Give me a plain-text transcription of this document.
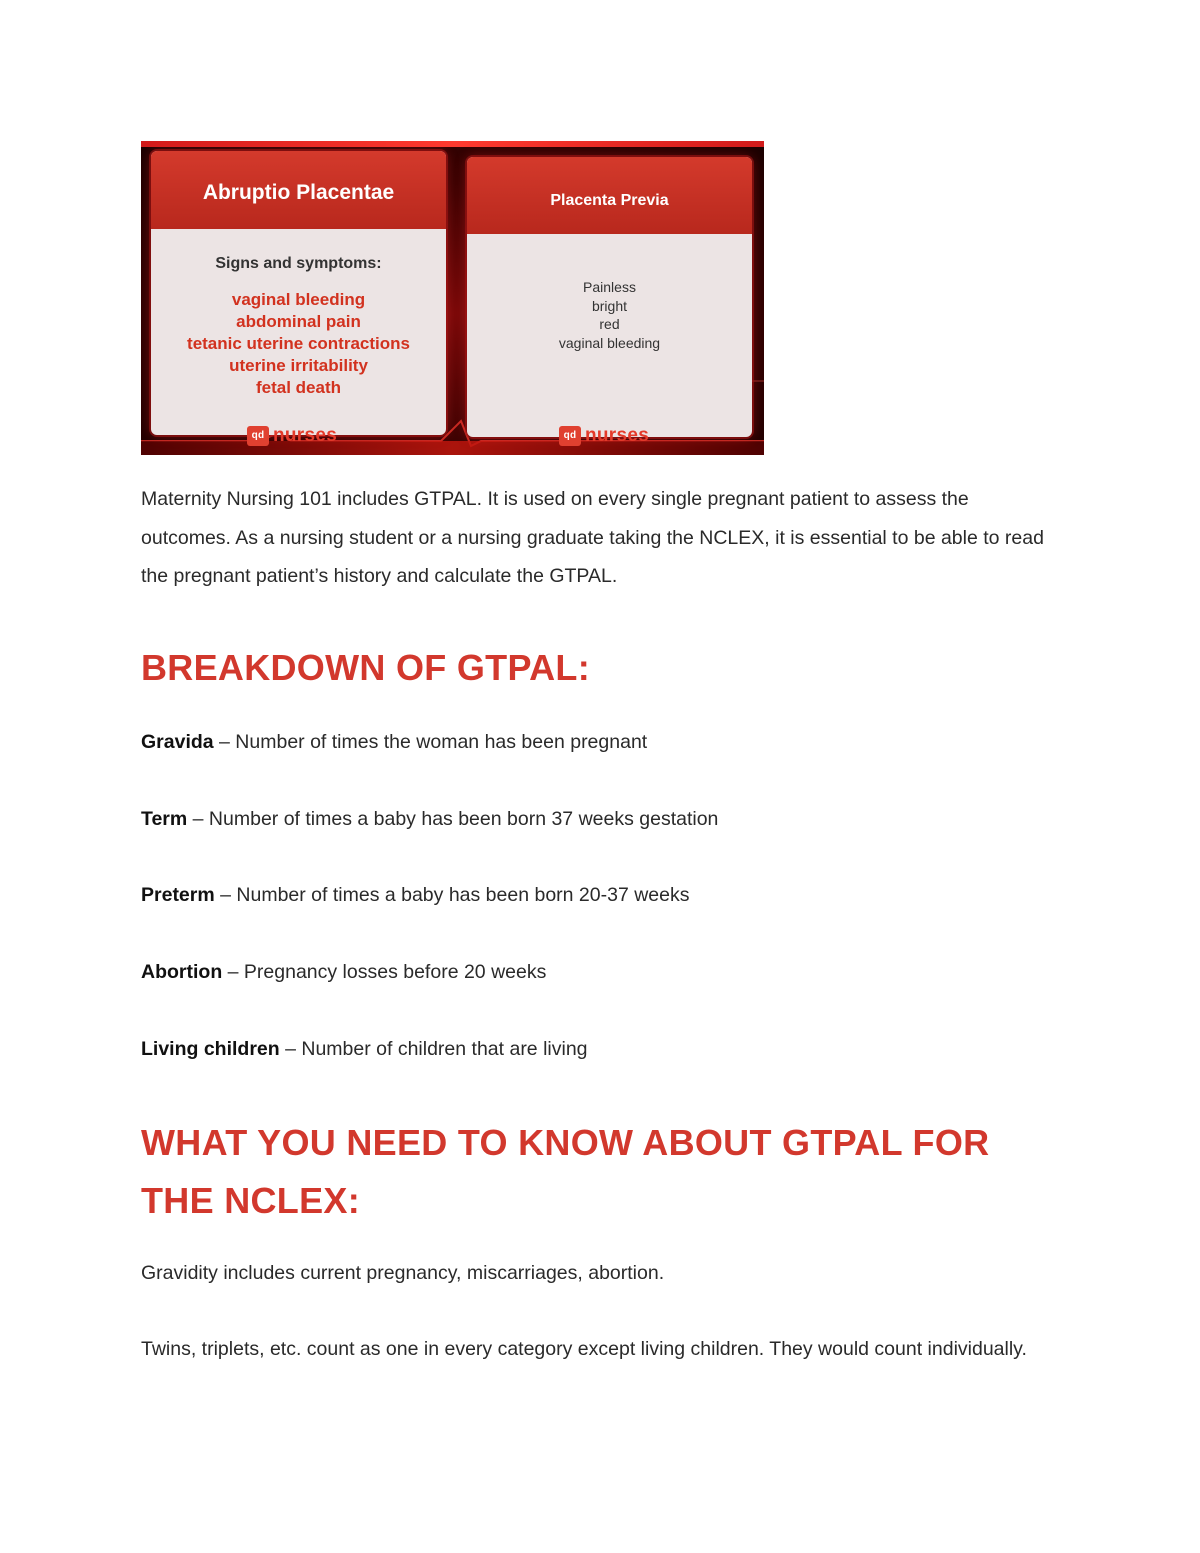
Abruptio Placentae
Signs and symptoms:
vaginal bleeding
abdominal pain
tetanic uterine contractions
uterine irritability
fetal death
Placenta Previa
Painless
bright
red
vaginal bleeding
qd nurses	qd nurses
Maternity Nursing 101 includes GTPAL. It is used on every single pregnant patient to assess the outcomes. As a nursing student or a nursing graduate taking the NCLEX, it is essential to be able to read the pregnant patient’s history and calculate the GTPAL.
BREAKDOWN OF GTPAL:
Gravida – Number of times the woman has been pregnant
Term – Number of times a baby has been born 37 weeks gestation
Preterm – Number of times a baby has been born 20-37 weeks
Abortion – Pregnancy losses before 20 weeks
Living children – Number of children that are living
WHAT YOU NEED TO KNOW ABOUT GTPAL FOR THE NCLEX:
Gravidity includes current pregnancy, miscarriages, abortion.
Twins, triplets, etc. count as one in every category except living children. They would count individually.
